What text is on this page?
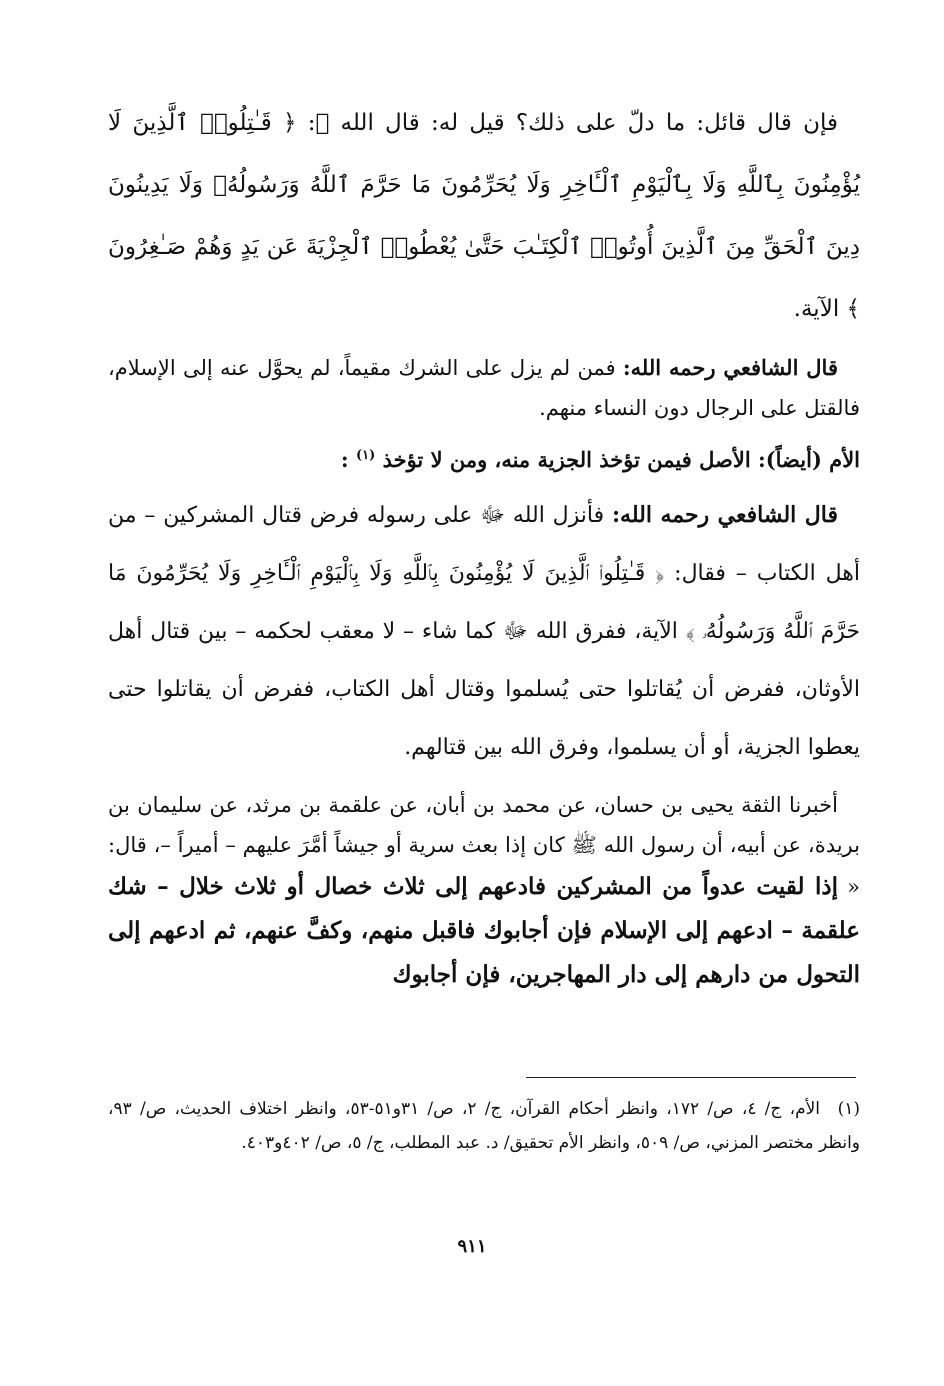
فإن قال قائل: ما دلّ على ذلك؟ قيل له: قال الله ﷻ: ﴿ قَـٰتِلُوا۟ ٱلَّذِينَ لَا يُؤْمِنُونَ بِٱللَّهِ وَلَا بِٱلْيَوْمِ ٱلْـَٔاخِرِ وَلَا يُحَرِّمُونَ مَا حَرَّمَ ٱللَّهُ وَرَسُولُهُۥ وَلَا يَدِينُونَ دِينَ ٱلْحَقِّ مِنَ ٱلَّذِينَ أُوتُوا۟ ٱلْكِتَـٰبَ حَتَّىٰ يُعْطُوا۟ ٱلْجِزْيَةَ عَن يَدٍ وَهُمْ صَـٰغِرُونَ ﴾ الآية.

قال الشافعي رحمه الله: فمن لم يزل على الشرك مقيماً، لم يحوَّل عنه إلى الإسلام، فالقتل على الرجال دون النساء منهم.

الأم (أيضاً): الأصل فيمن تؤخذ الجزية منه، ومن لا تؤخذ $^{(١)}$ :

قال الشافعي رحمه الله: فأنزل الله ﷻ على رسوله فرض قتال المشركين – من أهل الكتاب – فقال: ﴿ قَـٰتِلُوا۟ ٱلَّذِينَ لَا يُؤْمِنُونَ بِٱللَّهِ وَلَا بِٱلْيَوْمِ ٱلْـَٔاخِرِ وَلَا يُحَرِّمُونَ مَا حَرَّمَ ٱللَّهُ وَرَسُولُهُۥ ﴾ الآية، ففرق الله ﷻ كما شاء – لا معقب لحكمه – بين قتال أهل الأوثان، ففرض أن يُقاتلوا حتى يُسلموا وقتال أهل الكتاب، ففرض أن يقاتلوا حتى يعطوا الجزية، أو أن يسلموا، وفرق الله بين قتالهم.

أخبرنا الثقة يحيى بن حسان، عن محمد بن أبان، عن علقمة بن مرثد، عن سليمان بن بريدة، عن أبيه، أن رسول الله ﷺ كان إذا بعث سرية أو جيشاً أمَّرَ عليهم – أميراً –، قال: « إذا لقيت عدواً من المشركين فادعهم إلى ثلاث خصال أو ثلاث خلال – شك علقمة – ادعهم إلى الإسلام فإن أجابوك فاقبل منهم، وكفَّ عنهم، ثم ادعهم إلى التحول من دارهم إلى دار المهاجرين، فإن أجابوك

(١)الأم، ج/ ٤، ص/ ١٧٢، وانظر أحكام القرآن، ج/ ٢، ص/ ٣١و٥١-٥٣، وانظر اختلاف الحديث، ص/ ٩٣، وانظر مختصر المزني، ص/ ٥٠٩، وانظر الأم تحقيق/ د. عبد المطلب، ج/ ٥، ص/ ٤٠٢و٤٠٣.
٩١١
